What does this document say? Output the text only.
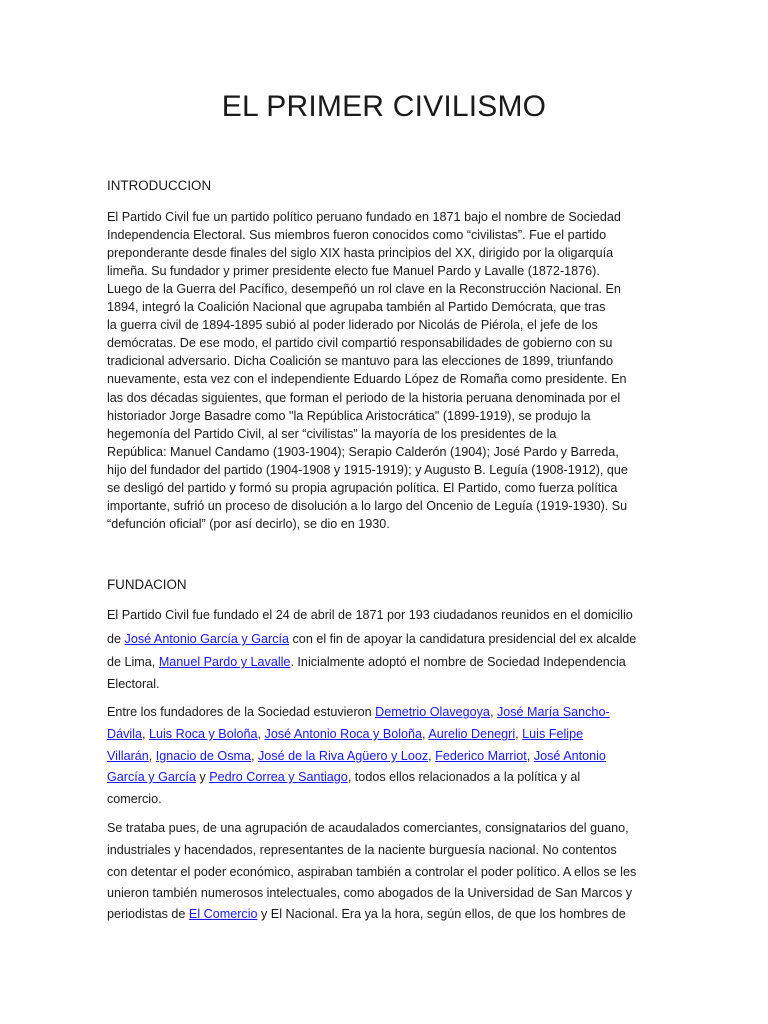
EL PRIMER CIVILISMO

INTRODUCCION

El Partido Civil fue un partido político peruano fundado en 1871 bajo el nombre de Sociedad

Independencia Electoral. Sus miembros fueron conocidos como “civilistas”. Fue el partido

preponderante desde finales del siglo XIX hasta principios del XX, dirigido por la oligarquía

limeña. Su fundador y primer presidente electo fue Manuel Pardo y Lavalle (1872-1876).

Luego de la Guerra del Pacífico, desempeñó un rol clave en la Reconstrucción Nacional. En

1894, integró la Coalición Nacional que agrupaba también al Partido Demócrata, que tras

la guerra civil de 1894-1895 subió al poder liderado por Nicolás de Piérola, el jefe de los

demócratas. De ese modo, el partido civil compartió responsabilidades de gobierno con su

tradicional adversario. Dicha Coalición se mantuvo para las elecciones de 1899, triunfando

nuevamente, esta vez con el independiente Eduardo López de Romaña como presidente. En

las dos décadas siguientes, que forman el periodo de la historia peruana denominada por el

historiador Jorge Basadre como "la República Aristocrática" (1899-1919), se produjo la

hegemonía del Partido Civil, al ser “civilistas” la mayoría de los presidentes de la

República: Manuel Candamo (1903-1904); Serapio Calderón (1904); José Pardo y Barreda,

hijo del fundador del partido (1904-1908 y 1915-1919); y Augusto B. Leguía (1908-1912), que

se desligó del partido y formó su propia agrupación política. El Partido, como fuerza política

importante, sufrió un proceso de disolución a lo largo del Oncenio de Leguía (1919-1930). Su

“defunción oficial” (por así decirlo), se dio en 1930.

FUNDACION

El Partido Civil fue fundado el 24 de abril de 1871 por 193 ciudadanos reunidos en el domicilio

de José Antonio García y García con el fin de apoyar la candidatura presidencial del ex alcalde

de Lima, Manuel Pardo y Lavalle. Inicialmente adoptó el nombre de Sociedad Independencia

Electoral.

Entre los fundadores de la Sociedad estuvieron Demetrio Olavegoya, José María Sancho-

Dávila, Luis Roca y Boloña, José Antonio Roca y Boloña, Aurelio Denegri, Luis Felipe

Villarán, Ignacio de Osma, José de la Riva Agüero y Looz, Federico Marriot, José Antonio

García y García y Pedro Correa y Santiago, todos ellos relacionados a la política y al

comercio.

Se trataba pues, de una agrupación de acaudalados comerciantes, consignatarios del guano,

industriales y hacendados, representantes de la naciente burguesía nacional. No contentos

con detentar el poder económico, aspiraban también a controlar el poder político. A ellos se les

unieron también numerosos intelectuales, como abogados de la Universidad de San Marcos y

periodistas de El Comercio y El Nacional. Era ya la hora, según ellos, de que los hombres de
